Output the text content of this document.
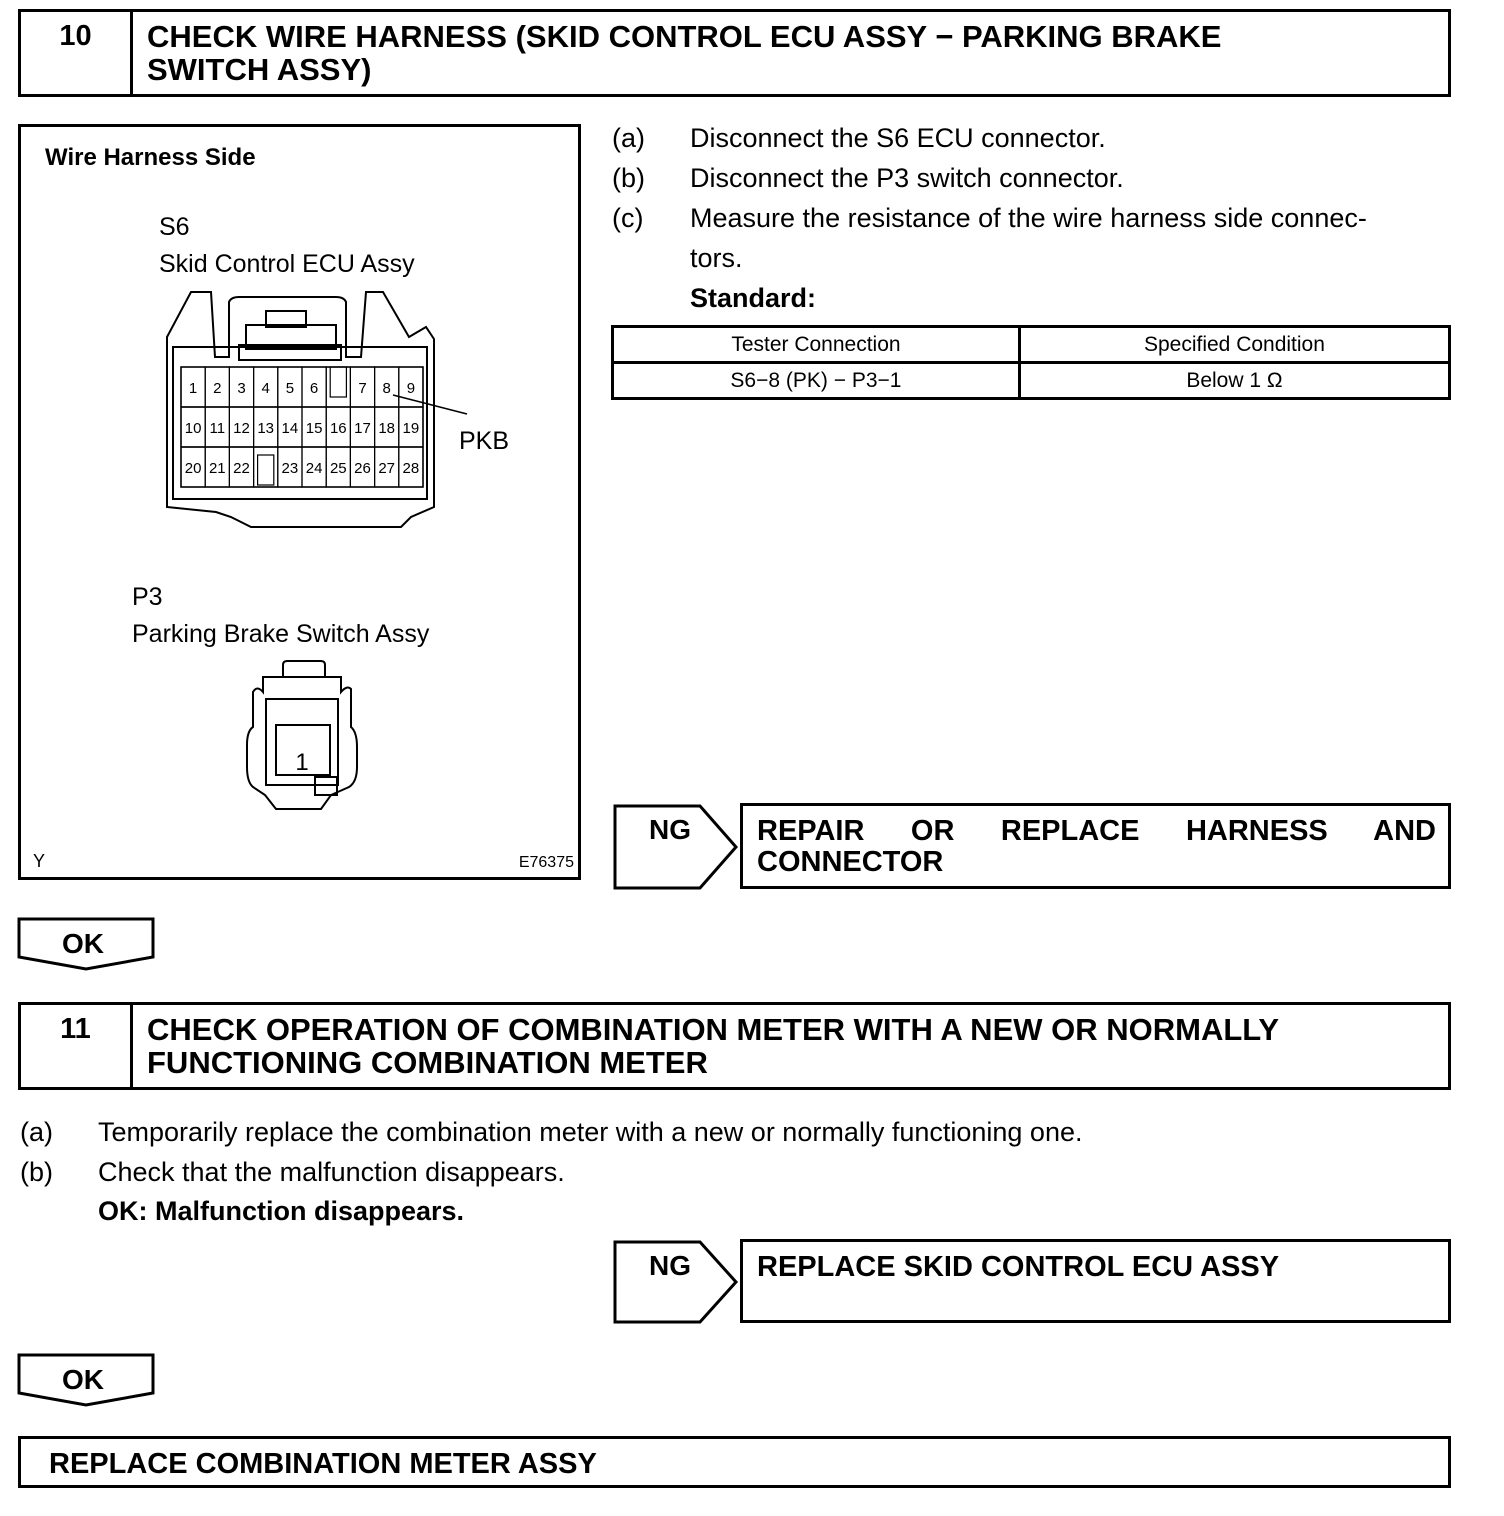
10	CHECK WIRE HARNESS (SKID CONTROL ECU ASSY − PARKING BRAKE
SWITCH ASSY)
Wire Harness Side
S6
Skid Control ECU Assy
1 2 3 4 5 6	7 8 9
10 11 12 13 14 15 16 17 18 19
20 21 22 23 24 25 26 27 28
PKB
P3
Parking Brake Switch Assy
1
Y	E76375
(a) Disconnect the S6 ECU connector.
(b) Disconnect the P3 switch connector.
(c) Measure the resistance of the wire harness side connec-
tors.
Standard:
Tester Connection	Specified Condition
S6−8 (PK) − P3−1	Below 1 Ω
NG REPAIR OR REPLACE HARNESS AND
CONNECTOR
OK
11	CHECK OPERATION OF COMBINATION METER WITH A NEW OR NORMALLY
FUNCTIONING COMBINATION METER
(a) Temporarily replace the combination meter with a new or normally functioning one.
(b) Check that the malfunction disappears.
OK: Malfunction disappears.
NG REPLACE SKID CONTROL ECU ASSY
OK
REPLACE COMBINATION METER ASSY
